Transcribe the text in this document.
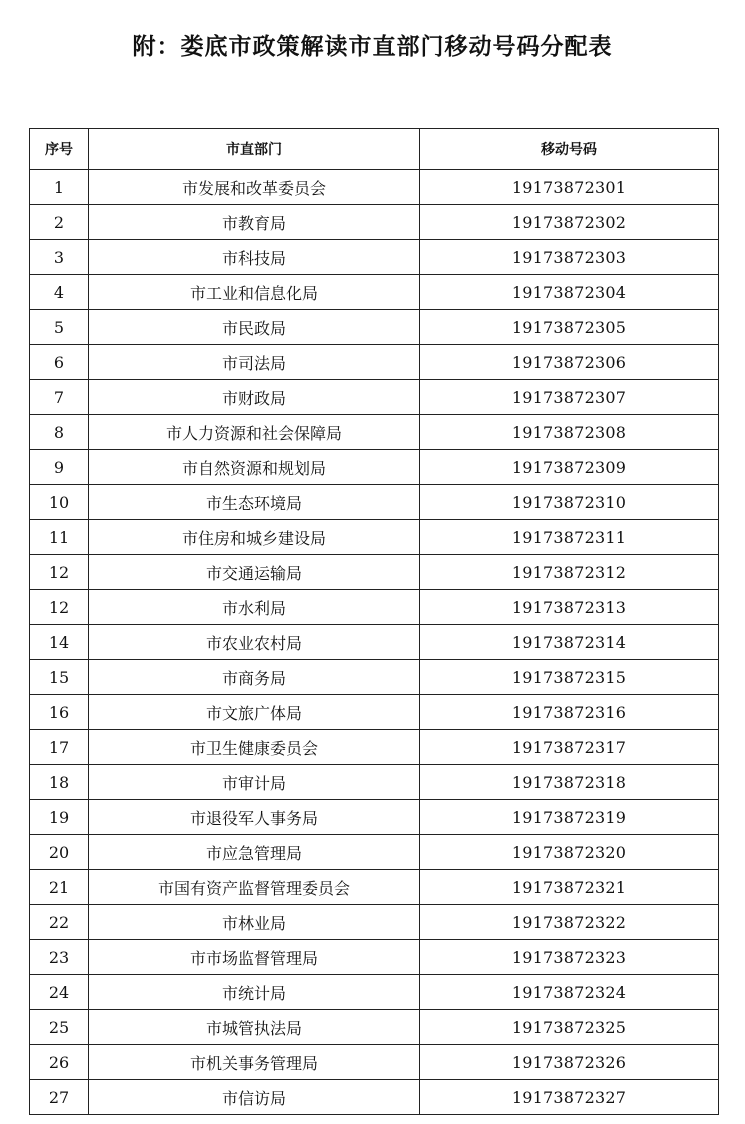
附：娄底市政策解读市直部门移动号码分配表
序号	市直部门	移动号码
1	市发展和改革委员会	19173872301
2	市教育局	19173872302
3	市科技局	19173872303
4	市工业和信息化局	19173872304
5	市民政局	19173872305
6	市司法局	19173872306
7	市财政局	19173872307
8	市人力资源和社会保障局	19173872308
9	市自然资源和规划局	19173872309
10	市生态环境局	19173872310
11	市住房和城乡建设局	19173872311
12	市交通运输局	19173872312
12	市水利局	19173872313
14	市农业农村局	19173872314
15	市商务局	19173872315
16	市文旅广体局	19173872316
17	市卫生健康委员会	19173872317
18	市审计局	19173872318
19	市退役军人事务局	19173872319
20	市应急管理局	19173872320
21	市国有资产监督管理委员会	19173872321
22	市林业局	19173872322
23	市市场监督管理局	19173872323
24	市统计局	19173872324
25	市城管执法局	19173872325
26	市机关事务管理局	19173872326
27	市信访局	19173872327
